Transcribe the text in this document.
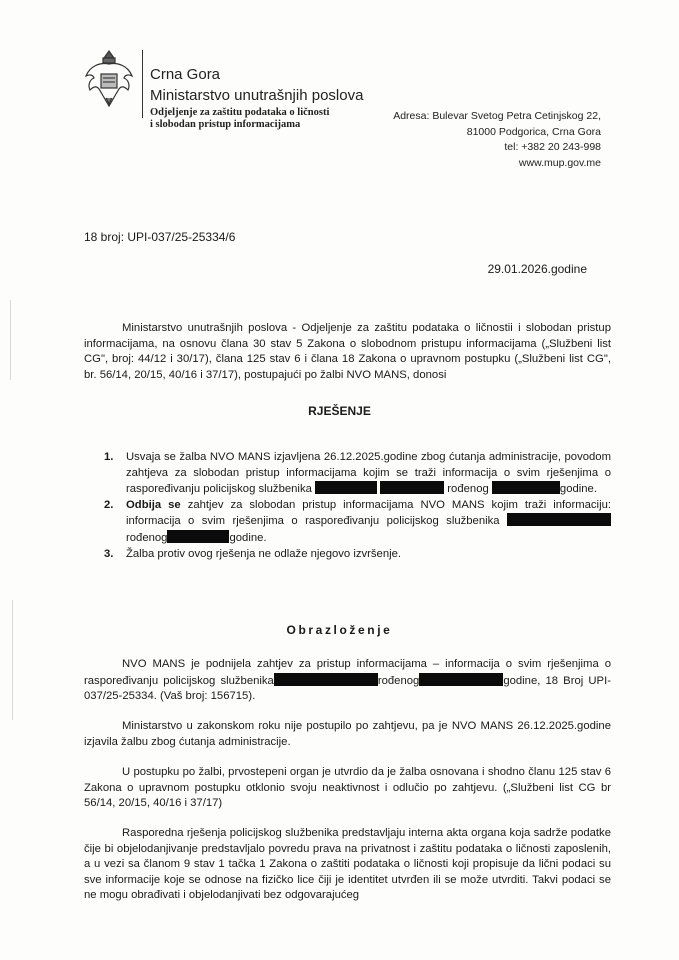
Crna Gora
Ministarstvo unutrašnjih poslova
Odjeljenje za zaštitu podataka o ličnosti
i slobodan pristup informacijama
Adresa: Bulevar Svetog Petra Cetinjskog 22,
81000 Podgorica, Crna Gora
tel: +382 20 243-998
www.mup.gov.me
18 broj: UPI-037/25-25334/6
29.01.2026.godine
Ministarstvo unutrašnjih poslova - Odjeljenje za zaštitu podataka o ličnostii i slobodan pristup informacijama, na osnovu člana 30 stav 5 Zakona o slobodnom pristupu informacijama („Službeni list CG", broj: 44/12 i 30/17), člana 125 stav 6 i člana 18 Zakona o upravnom postupku („Službeni list CG", br. 56/14, 20/15, 40/16 i 37/17), postupajući po žalbi NVO MANS, donosi
RJEŠENJE
1.	Usvaja se žalba NVO MANS izjavljena 26.12.2025.godine zbog ćutanja administracije, povodom zahtjeva za slobodan pristup informacijama kojim se traži informacija o svim rješenjima o raspoređivanju policijskog službenika	rođenog	godine.
2.	Odbija se zahtjev za slobodan pristup informacijama NVO MANS kojim traži informaciju: informacija o svim rješenjima o raspoređivanju policijskog službenika rođenog	godine.
3.	Žalba protiv ovog rješenja ne odlaže njegovo izvršenje.
Obrazloženje
NVO MANS je podnijela zahtjev za pristup informacijama – informacija o svim rješenjima o raspoređivanju policijskog službenika	rođenog	godine, 18 Broj UPI-037/25-25334. (Vaš broj: 156715).
Ministarstvo u zakonskom roku nije postupilo po zahtjevu, pa je NVO MANS 26.12.2025.godine izjavila žalbu zbog ćutanja administracije.
U postupku po žalbi, prvostepeni organ je utvrdio da je žalba osnovana i shodno članu 125 stav 6 Zakona o upravnom postupku otklonio svoju neaktivnost i odlučio po zahtjevu. („Službeni list CG br 56/14, 20/15, 40/16 i 37/17)
Rasporedna rješenja policijskog službenika predstavljaju interna akta organa koja sadrže podatke čije bi objelodanjivanje predstavljalo povredu prava na privatnost i zaštitu podataka o ličnosti zaposlenih, a u vezi sa članom 9 stav 1 tačka 1 Zakona o zaštiti podataka o ličnosti koji propisuje da lični podaci su sve informacije koje se odnose na fizičko lice čiji je identitet utvrđen ili se može utvrditi. Takvi podaci se ne mogu obrađivati i objelodanjivati bez odgovarajućeg
